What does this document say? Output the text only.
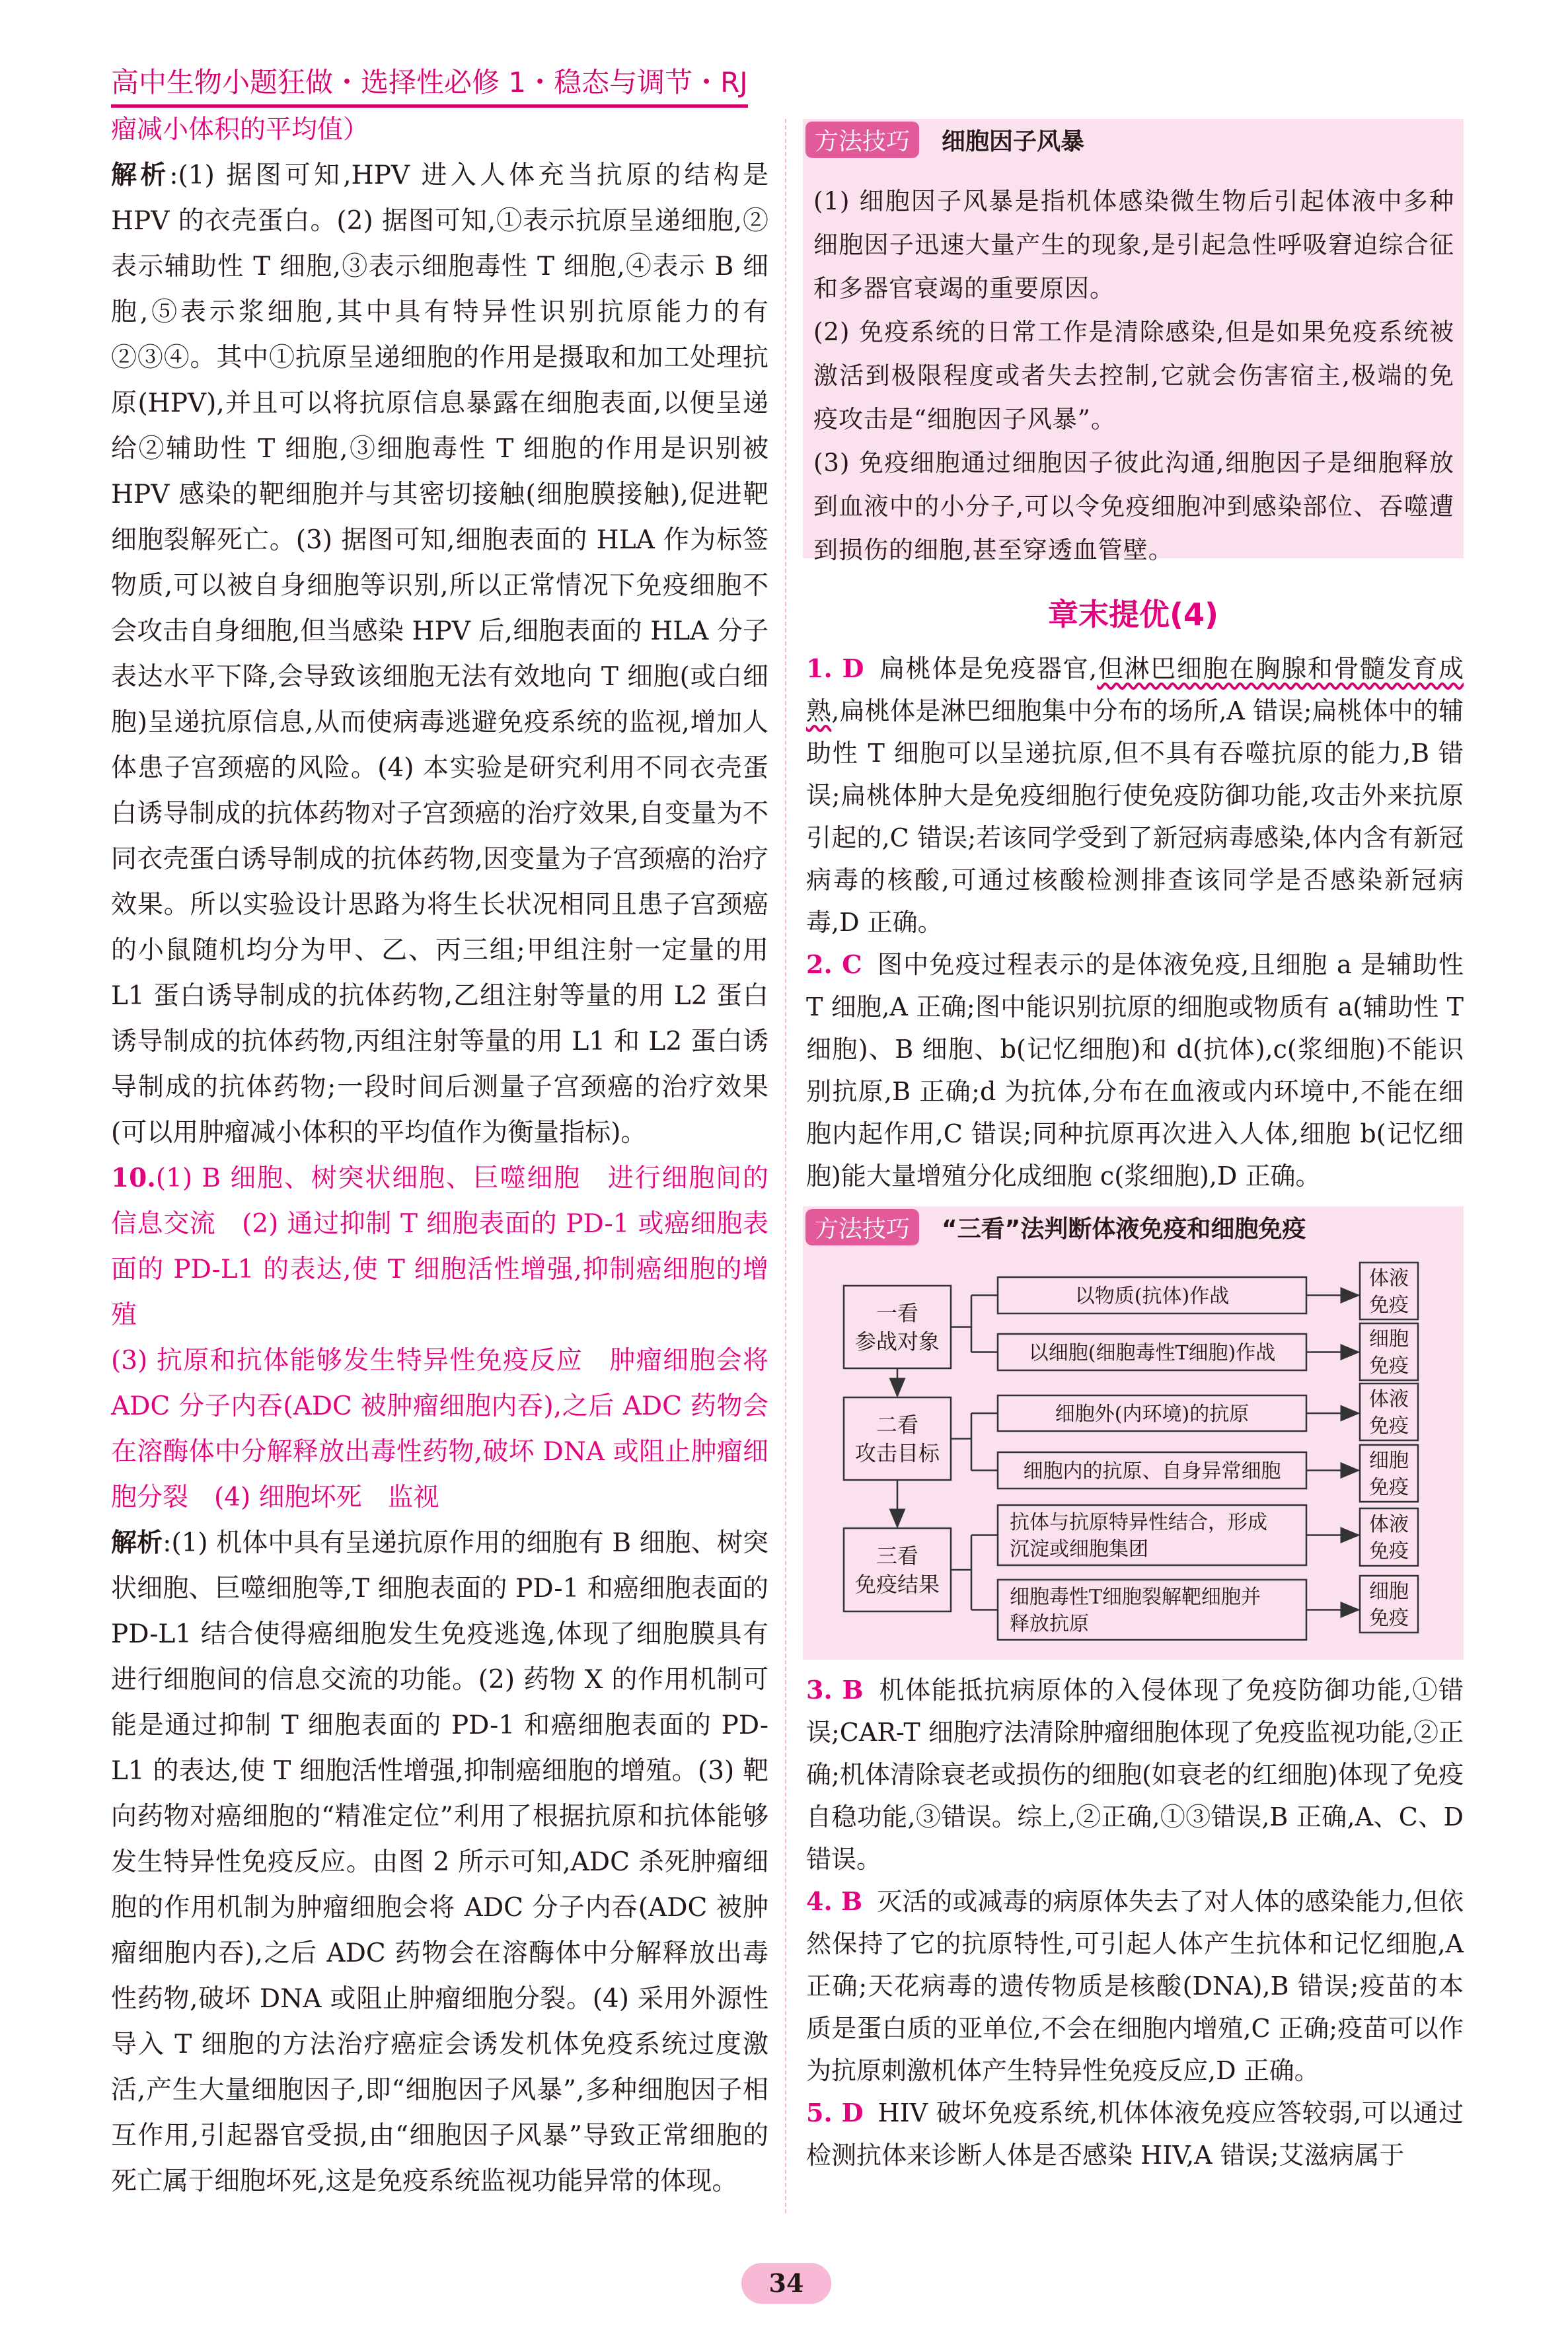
高中生物小题狂做・选择性必修 1・稳态与调节・RJ

瘤减小体积的平均值）

解析:(1) 据图可知,HPV 进入人体充当抗原的结构是 HPV 的衣壳蛋白。(2) 据图可知,①表示抗原呈递细胞,②表示辅助性 T 细胞,③表示细胞毒性 T 细胞,④表示 B 细胞,⑤表示浆细胞,其中具有特异性识别抗原能力的有②③④。其中①抗原呈递细胞的作用是摄取和加工处理抗原(HPV),并且可以将抗原信息暴露在细胞表面,以便呈递给②辅助性 T 细胞,③细胞毒性 T 细胞的作用是识别被 HPV 感染的靶细胞并与其密切接触(细胞膜接触),促进靶细胞裂解死亡。(3) 据图可知,细胞表面的 HLA 作为标签物质,可以被自身细胞等识别,所以正常情况下免疫细胞不会攻击自身细胞,但当感染 HPV 后,细胞表面的 HLA 分子表达水平下降,会导致该细胞无法有效地向 T 细胞(或白细胞)呈递抗原信息,从而使病毒逃避免疫系统的监视,增加人体患子宫颈癌的风险。(4) 本实验是研究利用不同衣壳蛋白诱导制成的抗体药物对子宫颈癌的治疗效果,自变量为不同衣壳蛋白诱导制成的抗体药物,因变量为子宫颈癌的治疗效果。所以实验设计思路为将生长状况相同且患子宫颈癌的小鼠随机均分为甲、乙、丙三组;甲组注射一定量的用 L1 蛋白诱导制成的抗体药物,乙组注射等量的用 L2 蛋白诱导制成的抗体药物,丙组注射等量的用 L1 和 L2 蛋白诱导制成的抗体药物;一段时间后测量子宫颈癌的治疗效果(可以用肿瘤减小体积的平均值作为衡量指标)。

10.(1) B 细胞、树突状细胞、巨噬细胞　进行细胞间的信息交流　(2) 通过抑制 T 细胞表面的 PD-1 或癌细胞表面的 PD-L1 的表达,使 T 细胞活性增强,抑制癌细胞的增殖

(3) 抗原和抗体能够发生特异性免疫反应　肿瘤细胞会将 ADC 分子内吞(ADC 被肿瘤细胞内吞),之后 ADC 药物会在溶酶体中分解释放出毒性药物,破坏 DNA 或阻止肿瘤细胞分裂　(4) 细胞坏死　监视

解析:(1) 机体中具有呈递抗原作用的细胞有 B 细胞、树突状细胞、巨噬细胞等,T 细胞表面的 PD-1 和癌细胞表面的 PD-L1 结合使得癌细胞发生免疫逃逸,体现了细胞膜具有进行细胞间的信息交流的功能。(2) 药物 X 的作用机制可能是通过抑制 T 细胞表面的 PD-1 和癌细胞表面的 PD-L1 的表达,使 T 细胞活性增强,抑制癌细胞的增殖。(3) 靶向药物对癌细胞的“精准定位”利用了根据抗原和抗体能够发生特异性免疫反应。由图 2 所示可知,ADC 杀死肿瘤细胞的作用机制为肿瘤细胞会将 ADC 分子内吞(ADC 被肿瘤细胞内吞),之后 ADC 药物会在溶酶体中分解释放出毒性药物,破坏 DNA 或阻止肿瘤细胞分裂。(4) 采用外源性导入 T 细胞的方法治疗癌症会诱发机体免疫系统过度激活,产生大量细胞因子,即“细胞因子风暴”,多种细胞因子相互作用,引起器官受损,由“细胞因子风暴”导致正常细胞的死亡属于细胞坏死,这是免疫系统监视功能异常的体现。

方法技巧 细胞因子风暴

(1) 细胞因子风暴是指机体感染微生物后引起体液中多种细胞因子迅速大量产生的现象,是引起急性呼吸窘迫综合征和多器官衰竭的重要原因。

(2) 免疫系统的日常工作是清除感染,但是如果免疫系统被激活到极限程度或者失去控制,它就会伤害宿主,极端的免疫攻击是“细胞因子风暴”。

(3) 免疫细胞通过细胞因子彼此沟通,细胞因子是细胞释放到血液中的小分子,可以令免疫细胞冲到感染部位、吞噬遭到损伤的细胞,甚至穿透血管壁。

章末提优(4)

1. D 扁桃体是免疫器官,但淋巴细胞在胸腺和骨髓发育成熟,扁桃体是淋巴细胞集中分布的场所,A 错误;扁桃体中的辅助性 T 细胞可以呈递抗原,但不具有吞噬抗原的能力,B 错误;扁桃体肿大是免疫细胞行使免疫防御功能,攻击外来抗原引起的,C 错误;若该同学受到了新冠病毒感染,体内含有新冠病毒的核酸,可通过核酸检测排查该同学是否感染新冠病毒,D 正确。

2. C 图中免疫过程表示的是体液免疫,且细胞 a 是辅助性 T 细胞,A 正确;图中能识别抗原的细胞或物质有 a(辅助性 T 细胞)、B 细胞、b(记忆细胞)和 d(抗体),c(浆细胞)不能识别抗原,B 正确;d 为抗体,分布在血液或内环境中,不能在细胞内起作用,C 错误;同种抗原再次进入人体,细胞 b(记忆细胞)能大量增殖分化成细胞 c(浆细胞),D 正确。

一看
参战对象
二看
攻击目标
三看
免疫结果
以物质(抗体)作战
以细胞(细胞毒性T细胞)作战
细胞外(内环境)的抗原
细胞内的抗原、自身异常细胞
抗体与抗原特异性结合，形成
沉淀或细胞集团
细胞毒性T细胞裂解靶细胞并
释放抗原
体液
免疫
细胞
免疫
体液
免疫
细胞
免疫
体液
免疫
细胞
免疫
方法技巧 “三看”法判断体液免疫和细胞免疫

3. B 机体能抵抗病原体的入侵体现了免疫防御功能,①错误;CAR-T 细胞疗法清除肿瘤细胞体现了免疫监视功能,②正确;机体清除衰老或损伤的细胞(如衰老的红细胞)体现了免疫自稳功能,③错误。综上,②正确,①③错误,B 正确,A、C、D 错误。

4. B 灭活的或减毒的病原体失去了对人体的感染能力,但依然保持了它的抗原特性,可引起人体产生抗体和记忆细胞,A 正确;天花病毒的遗传物质是核酸(DNA),B 错误;疫苗的本质是蛋白质的亚单位,不会在细胞内增殖,C 正确;疫苗可以作为抗原刺激机体产生特异性免疫反应,D 正确。

5. D HIV 破坏免疫系统,机体体液免疫应答较弱,可以通过检测抗体来诊断人体是否感染 HIV,A 错误;艾滋病属于

34
